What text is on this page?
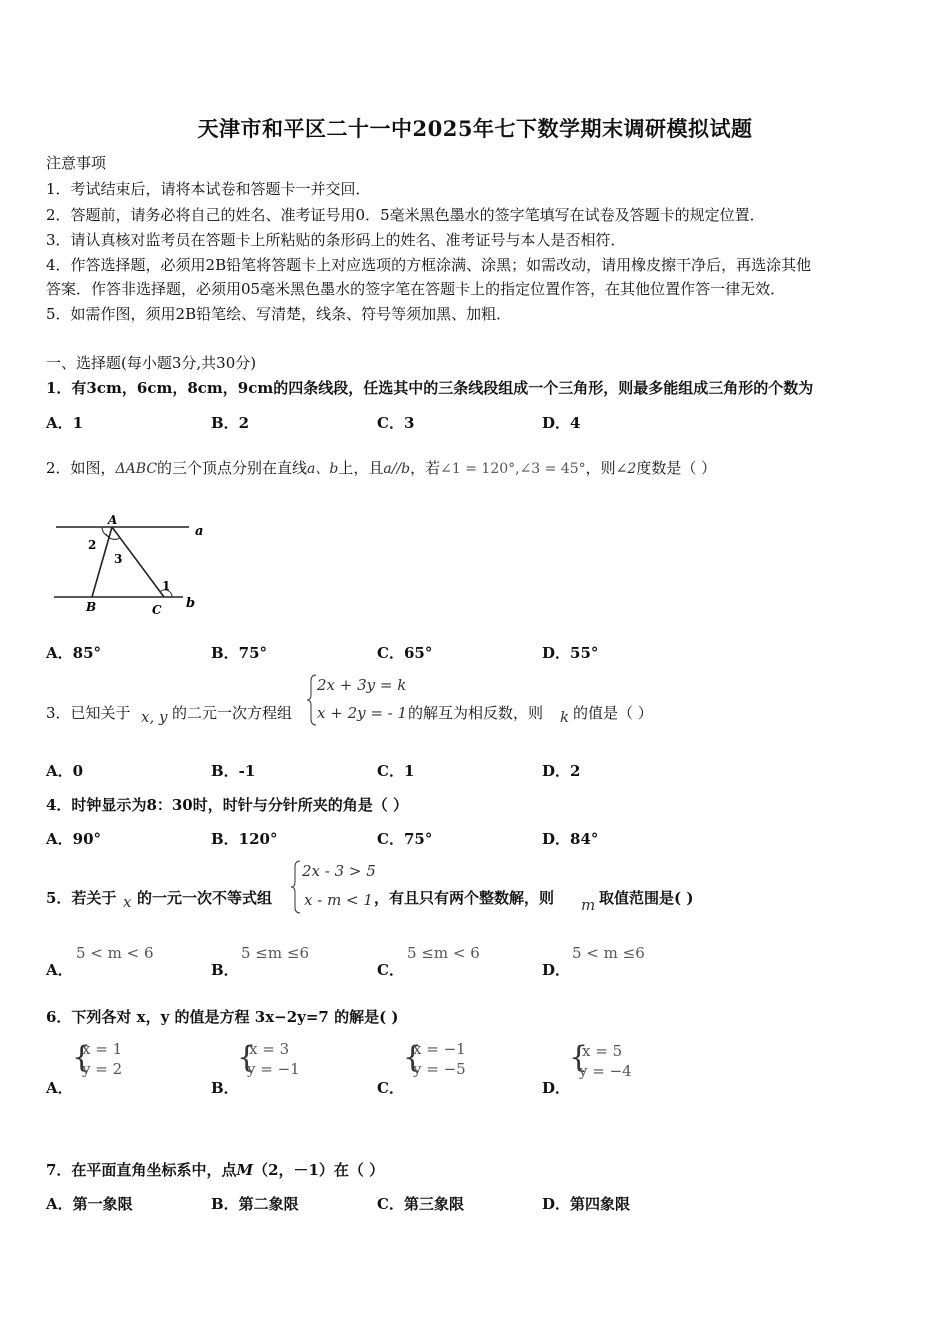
天津市和平区二十一中2025年七下数学期末调研模拟试题
注意事项
1．考试结束后，请将本试卷和答题卡一并交回．
2．答题前，请务必将自己的姓名、准考证号用0．5毫米黑色墨水的签字笔填写在试卷及答题卡的规定位置．
3．请认真核对监考员在答题卡上所粘贴的条形码上的姓名、准考证号与本人是否相符．
4．作答选择题，必须用2B铅笔将答题卡上对应选项的方框涂满、涂黑；如需改动，请用橡皮擦干净后，再选涂其他
答案．作答非选择题，必须用05毫米黑色墨水的签字笔在答题卡上的指定位置作答，在其他位置作答一律无效．
5．如需作图，须用2B铅笔绘、写清楚，线条、符号等须加黑、加粗．
一、选择题(每小题3分,共30分)
1．有3cm，6cm，8cm，9cm的四条线段，任选其中的三条线段组成一个三角形，则最多能组成三角形的个数为
A．1	B．2	C．3	D．4
2．如图，ΔABC的三个顶点分别在直线a、b上，且a//b，若∠1 = 120°,∠3 = 45°，则∠2度数是（ ）
A
B	C
a
b
1
2
3
A．85°	B．75°	C．65°	D．55°
3．已知关于 x, y 的二元一次方程组
2x + 3y = k
x + 2y = - 1 的解互为相反数，则 k 的值是（ ）
A．0	B．-1	C．1	D．2
4．时钟显示为8：30时，时针与分针所夹的角是（ ）
A．90°	B．120°	C．75°	D．84°
5．若关于 x 的一元一次不等式组
2x - 3 > 5
x - m < 1 ，有且只有两个整数解，则 m 取值范围是( )
A．
5 < m < 6
B．
5 ≤m ≤6
C．
5 ≤m < 6
D．
5 < m ≤6
6．下列各对 x，y 的值是方程 3x−2y=7 的解是( )
A．
{
x = 1
y = 2
B．
{
x = 3
y = −1
C．
{
x = −1
y = −5
D．
{
x = 5
y = −4
7．在平面直角坐标系中，点M（2，－1）在（ ）
A．第一象限	B．第二象限	C．第三象限	D．第四象限
